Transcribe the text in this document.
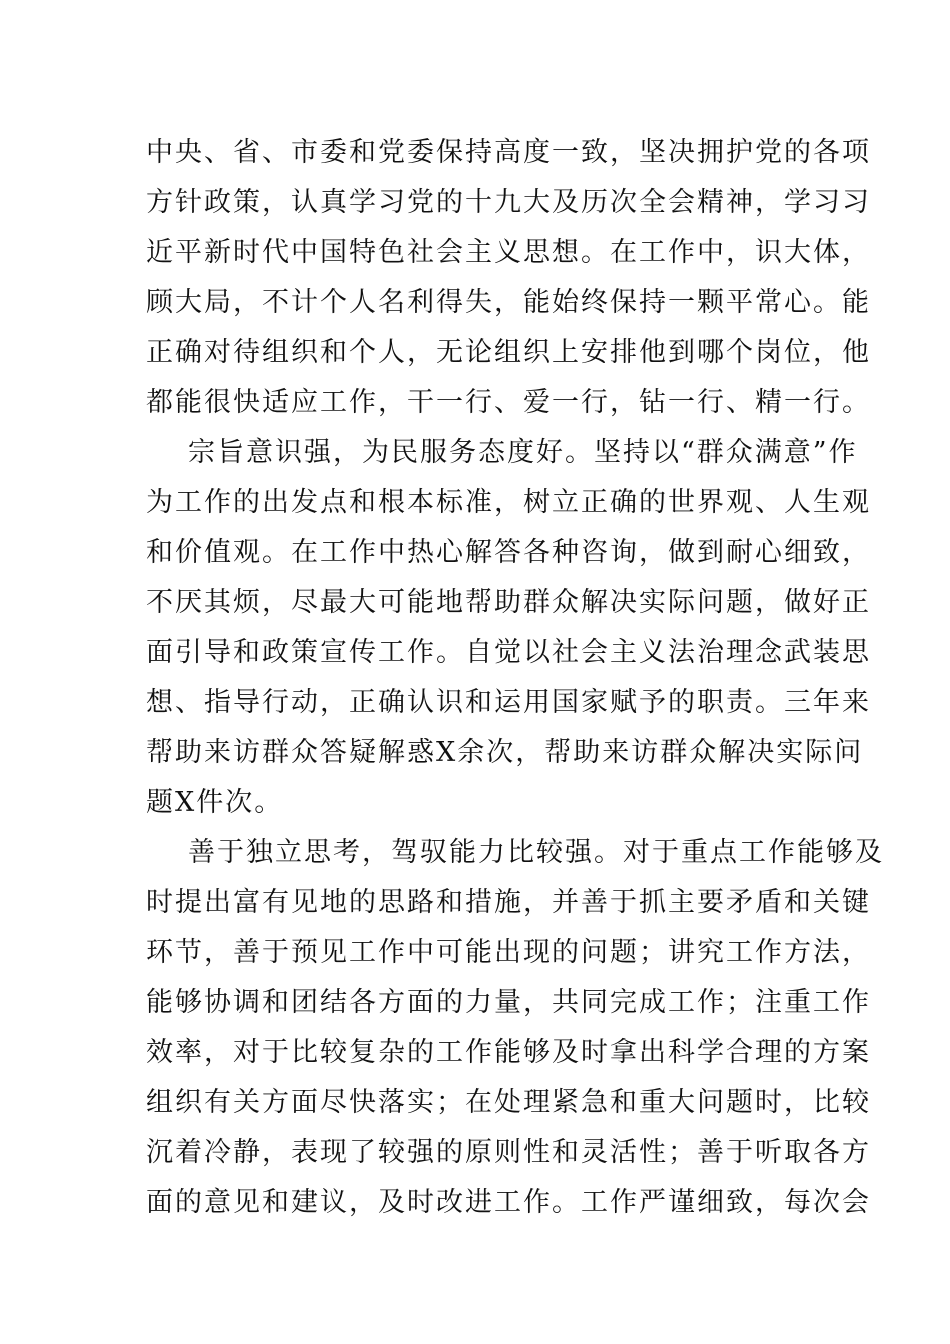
中央、省、市委和党委保持高度一致，坚决拥护党的各项
方针政策，认真学习党的十九大及历次全会精神，学习习
近平新时代中国特色社会主义思想。在工作中，识大体，
顾大局，不计个人名利得失，能始终保持一颗平常心。能
正确对待组织和个人，无论组织上安排他到哪个岗位，他
都能很快适应工作，干一行、爱一行，钻一行、精一行。
宗旨意识强，为民服务态度好。坚持以“群众满意”作
为工作的出发点和根本标准，树立正确的世界观、人生观
和价值观。在工作中热心解答各种咨询，做到耐心细致，
不厌其烦，尽最大可能地帮助群众解决实际问题，做好正
面引导和政策宣传工作。自觉以社会主义法治理念武装思
想、指导行动，正确认识和运用国家赋予的职责。三年来
帮助来访群众答疑解惑X余次，帮助来访群众解决实际问
题X件次。
善于独立思考，驾驭能力比较强。对于重点工作能够及
时提出富有见地的思路和措施，并善于抓主要矛盾和关键
环节，善于预见工作中可能出现的问题；讲究工作方法，
能够协调和团结各方面的力量，共同完成工作；注重工作
效率，对于比较复杂的工作能够及时拿出科学合理的方案
组织有关方面尽快落实；在处理紧急和重大问题时，比较
沉着冷静，表现了较强的原则性和灵活性；善于听取各方
面的意见和建议，及时改进工作。工作严谨细致，每次会
